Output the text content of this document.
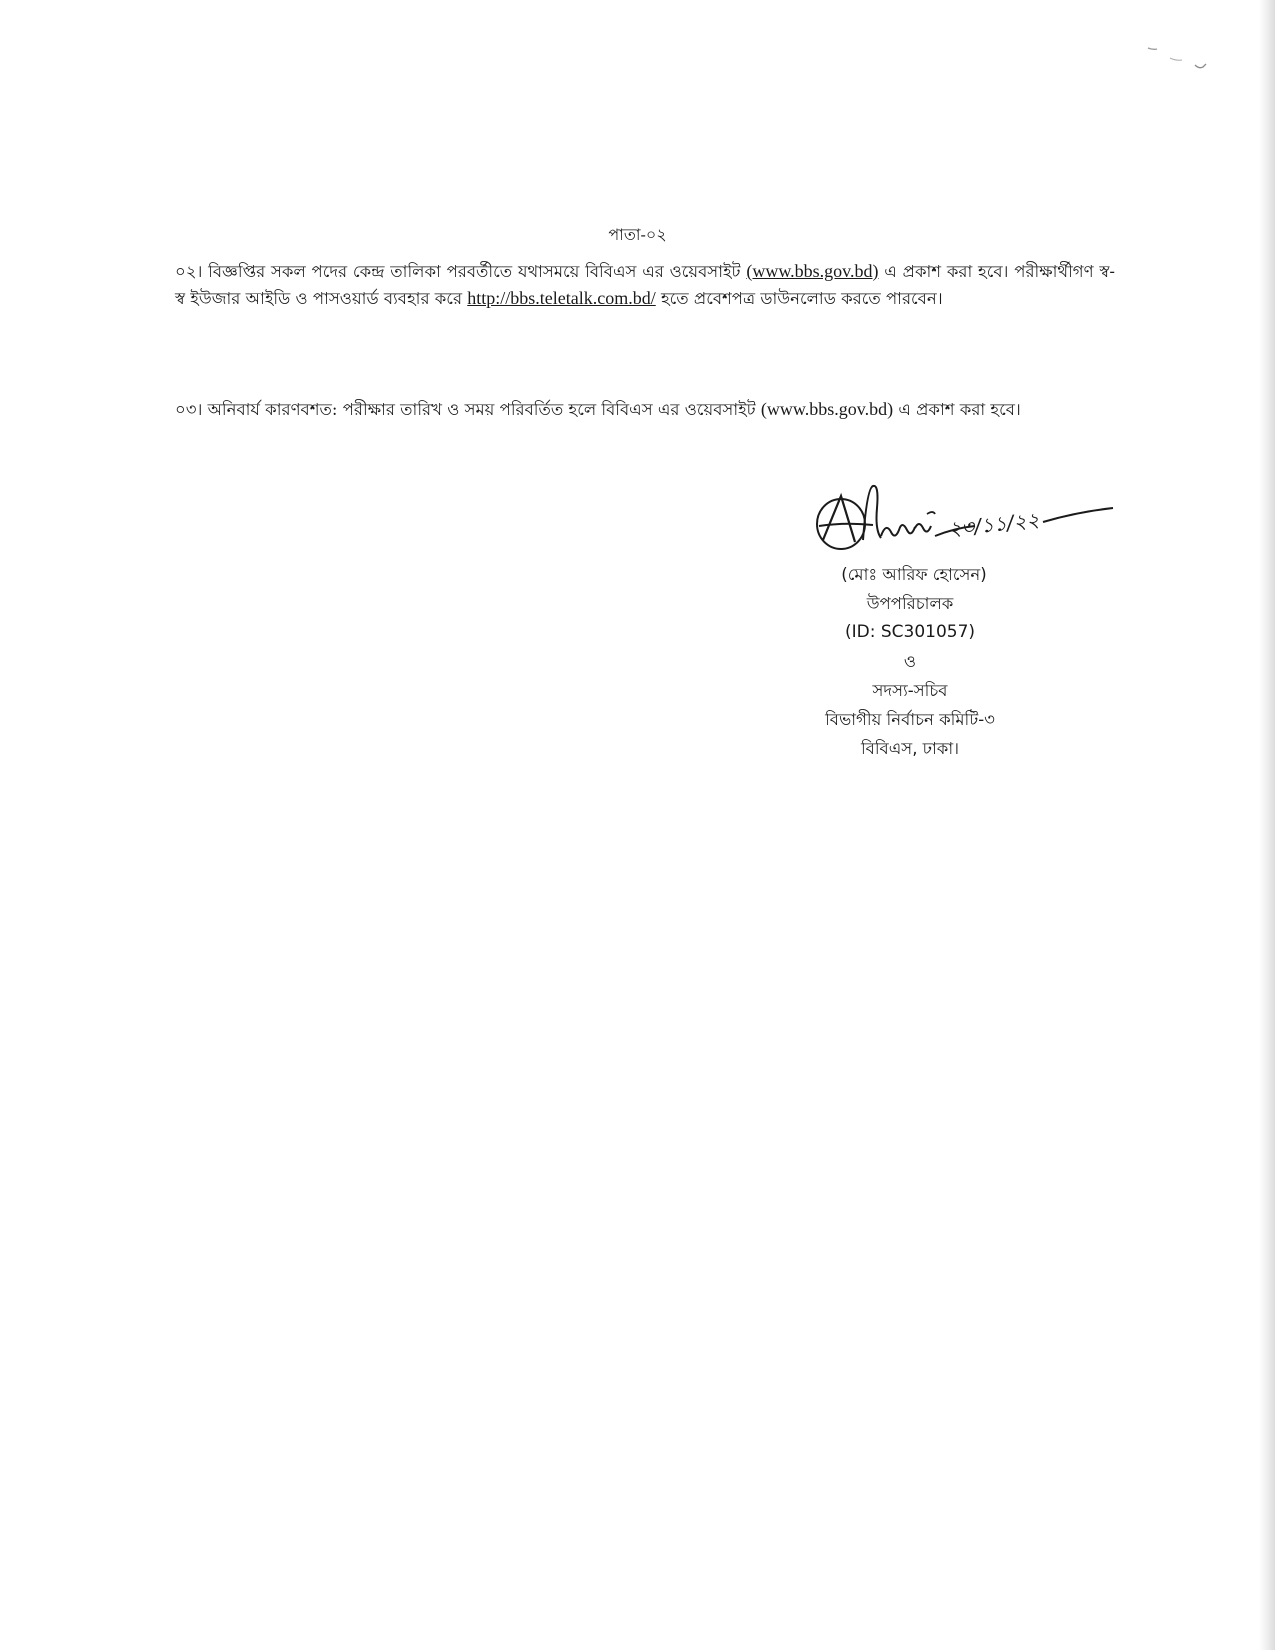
পাতা-০২
০২। বিজ্ঞপ্তির সকল পদের কেন্দ্র তালিকা পরবর্তীতে যথাসময়ে বিবিএস এর ওয়েবসাইট (www.bbs.gov.bd) এ প্রকাশ করা হবে। পরীক্ষার্থীগণ স্ব-স্ব ইউজার আইডি ও পাসওয়ার্ড ব্যবহার করে http://bbs.teletalk.com.bd/ হতে প্রবেশপত্র ডাউনলোড করতে পারবেন।
০৩। অনিবার্য কারণবশত: পরীক্ষার তারিখ ও সময় পরিবর্তিত হলে বিবিএস এর ওয়েবসাইট (www.bbs.gov.bd) এ প্রকাশ করা হবে।
২৩/১১/২২
(মোঃ আরিফ হোসেন)
উপপরিচালক
(ID: SC301057)
ও
সদস্য-সচিব
বিভাগীয় নির্বাচন কমিটি-৩
বিবিএস, ঢাকা।
